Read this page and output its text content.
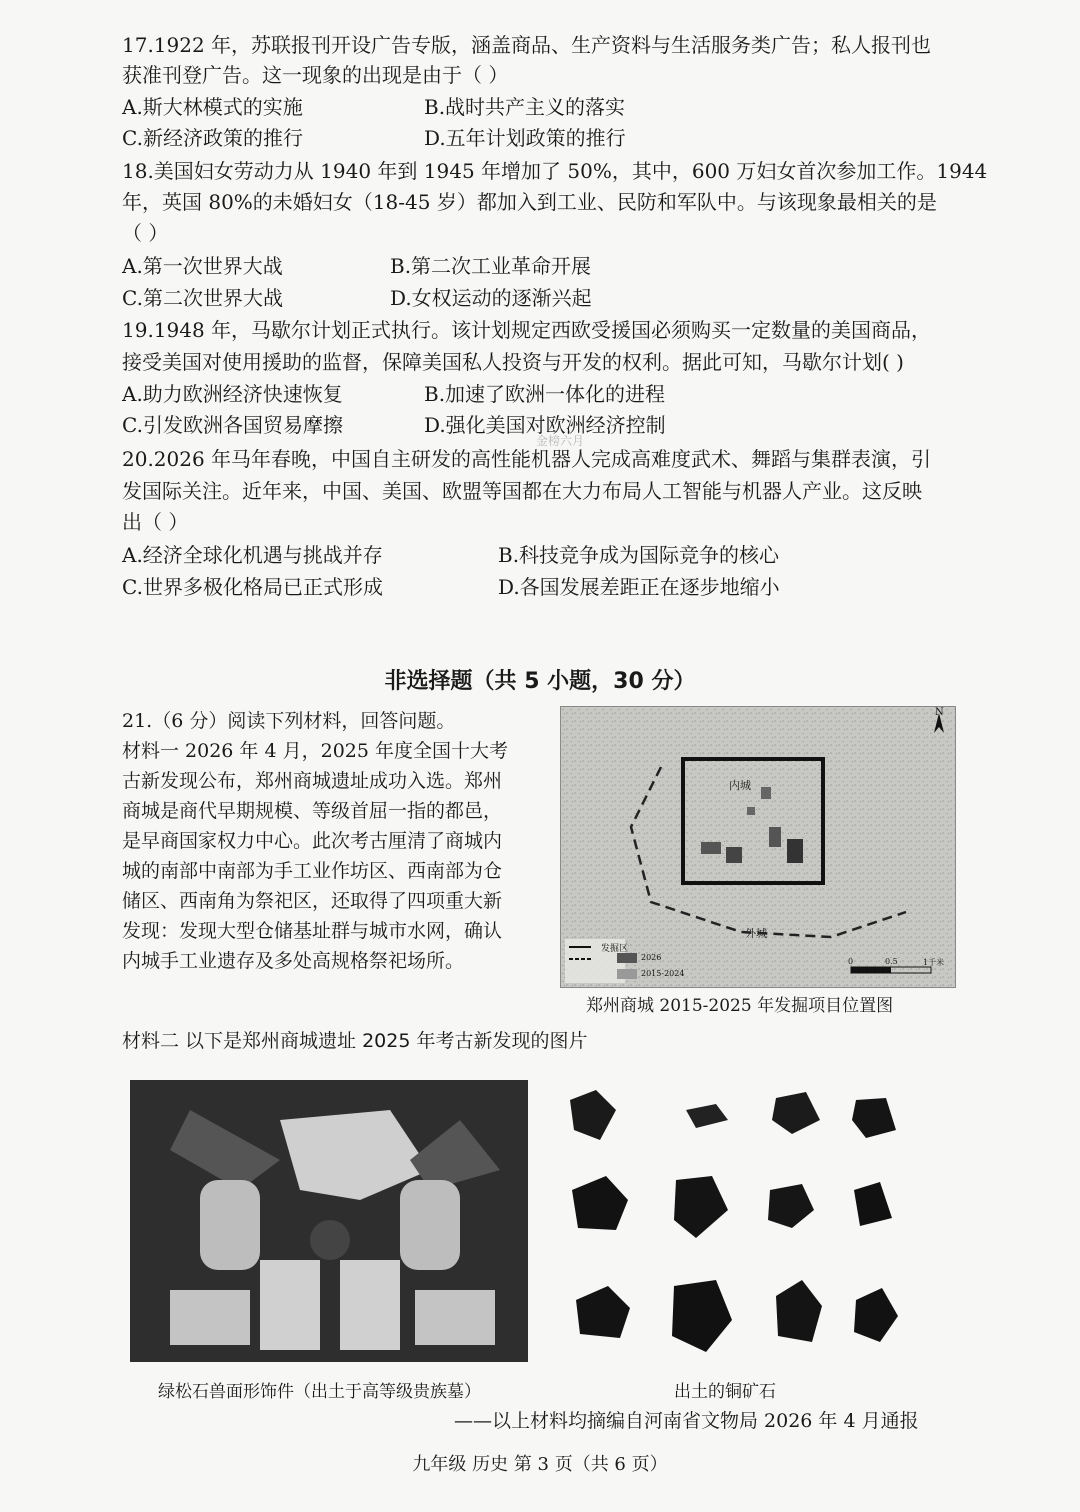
17.1922 年，苏联报刊开设广告专版，涵盖商品、生产资料与生活服务类广告；私人报刊也
获准刊登广告。这一现象的出现是由于（ ）
A.斯大林模式的实施	B.战时共产主义的落实
C.新经济政策的推行	D.五年计划政策的推行
18.美国妇女劳动力从 1940 年到 1945 年增加了 50%，其中，600 万妇女首次参加工作。1944
年，英国 80%的未婚妇女（18-45 岁）都加入到工业、民防和军队中。与该现象最相关的是
（ ）
A.第一次世界大战	B.第二次工业革命开展
C.第二次世界大战	D.女权运动的逐渐兴起
19.1948 年，马歇尔计划正式执行。该计划规定西欧受援国必须购买一定数量的美国商品，
接受美国对使用援助的监督，保障美国私人投资与开发的权利。据此可知，马歇尔计划( )
A.助力欧洲经济快速恢复	B.加速了欧洲一体化的进程
C.引发欧洲各国贸易摩擦	D.强化美国对欧洲经济控制
金榜六月
20.2026 年马年春晚，中国自主研发的高性能机器人完成高难度武术、舞蹈与集群表演，引
发国际关注。近年来，中国、美国、欧盟等国都在大力布局人工智能与机器人产业。这反映
出（ ）
A.经济全球化机遇与挑战并存	B.科技竞争成为国际竞争的核心
C.世界多极化格局已正式形成	D.各国发展差距正在逐步地缩小
非选择题（共 5 小题，30 分）
21.（6 分）阅读下列材料，回答问题。
材料一 2026 年 4 月，2025 年度全国十大考
古新发现公布，郑州商城遗址成功入选。郑州
商城是商代早期规模、等级首屈一指的都邑，
是早商国家权力中心。此次考古厘清了商城内
城的南部中南部为手工业作坊区、西南部为仓
储区、西南角为祭祀区，还取得了四项重大新
发现：发现大型仓储基址群与城市水网，确认
内城手工业遗存及多处高规格祭祀场所。
内城
外城
N
发掘区
2026
2015-2024
0	0.5	1千米
郑州商城 2015-2025 年发掘项目位置图
材料二 以下是郑州商城遗址 2025 年考古新发现的图片
绿松石兽面形饰件（出土于高等级贵族墓）	出土的铜矿石
——以上材料均摘编自河南省文物局 2026 年 4 月通报
九年级 历史 第 3 页（共 6 页）
